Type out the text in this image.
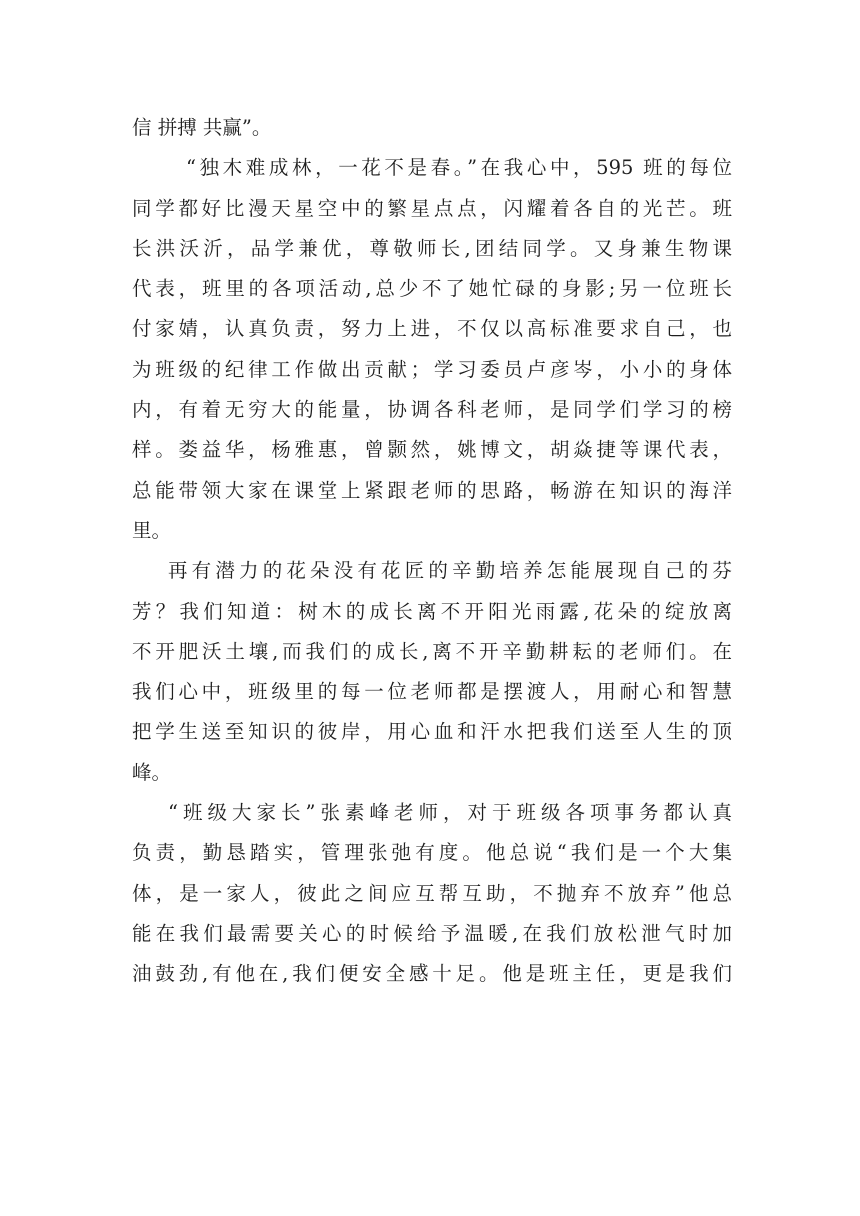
信 拼搏 共赢”。
“独木难成林，一花不是春。”在我心中，595 班的每位
同学都好比漫天星空中的繁星点点，闪耀着各自的光芒。班
长洪沃沂，品学兼优，尊敬师长,团结同学。又身兼生物课
代表，班里的各项活动,总少不了她忙碌的身影;另一位班长
付家婧，认真负责，努力上进，不仅以高标准要求自己，也
为班级的纪律工作做出贡献；学习委员卢彦岑，小小的身体
内，有着无穷大的能量，协调各科老师，是同学们学习的榜
样。娄益华，杨雅惠，曾颢然，姚博文，胡焱捷等课代表，
总能带领大家在课堂上紧跟老师的思路，畅游在知识的海洋
里。
再有潜力的花朵没有花匠的辛勤培养怎能展现自己的芬
芳？我们知道：树木的成长离不开阳光雨露,花朵的绽放离
不开肥沃土壤,而我们的成长,离不开辛勤耕耘的老师们。在
我们心中，班级里的每一位老师都是摆渡人，用耐心和智慧
把学生送至知识的彼岸，用心血和汗水把我们送至人生的顶
峰。
“班级大家长”张素峰老师，对于班级各项事务都认真
负责，勤恳踏实，管理张弛有度。他总说“我们是一个大集
体，是一家人，彼此之间应互帮互助，不抛弃不放弃”他总
能在我们最需要关心的时候给予温暖,在我们放松泄气时加
油鼓劲,有他在,我们便安全感十足。他是班主任，更是我们
